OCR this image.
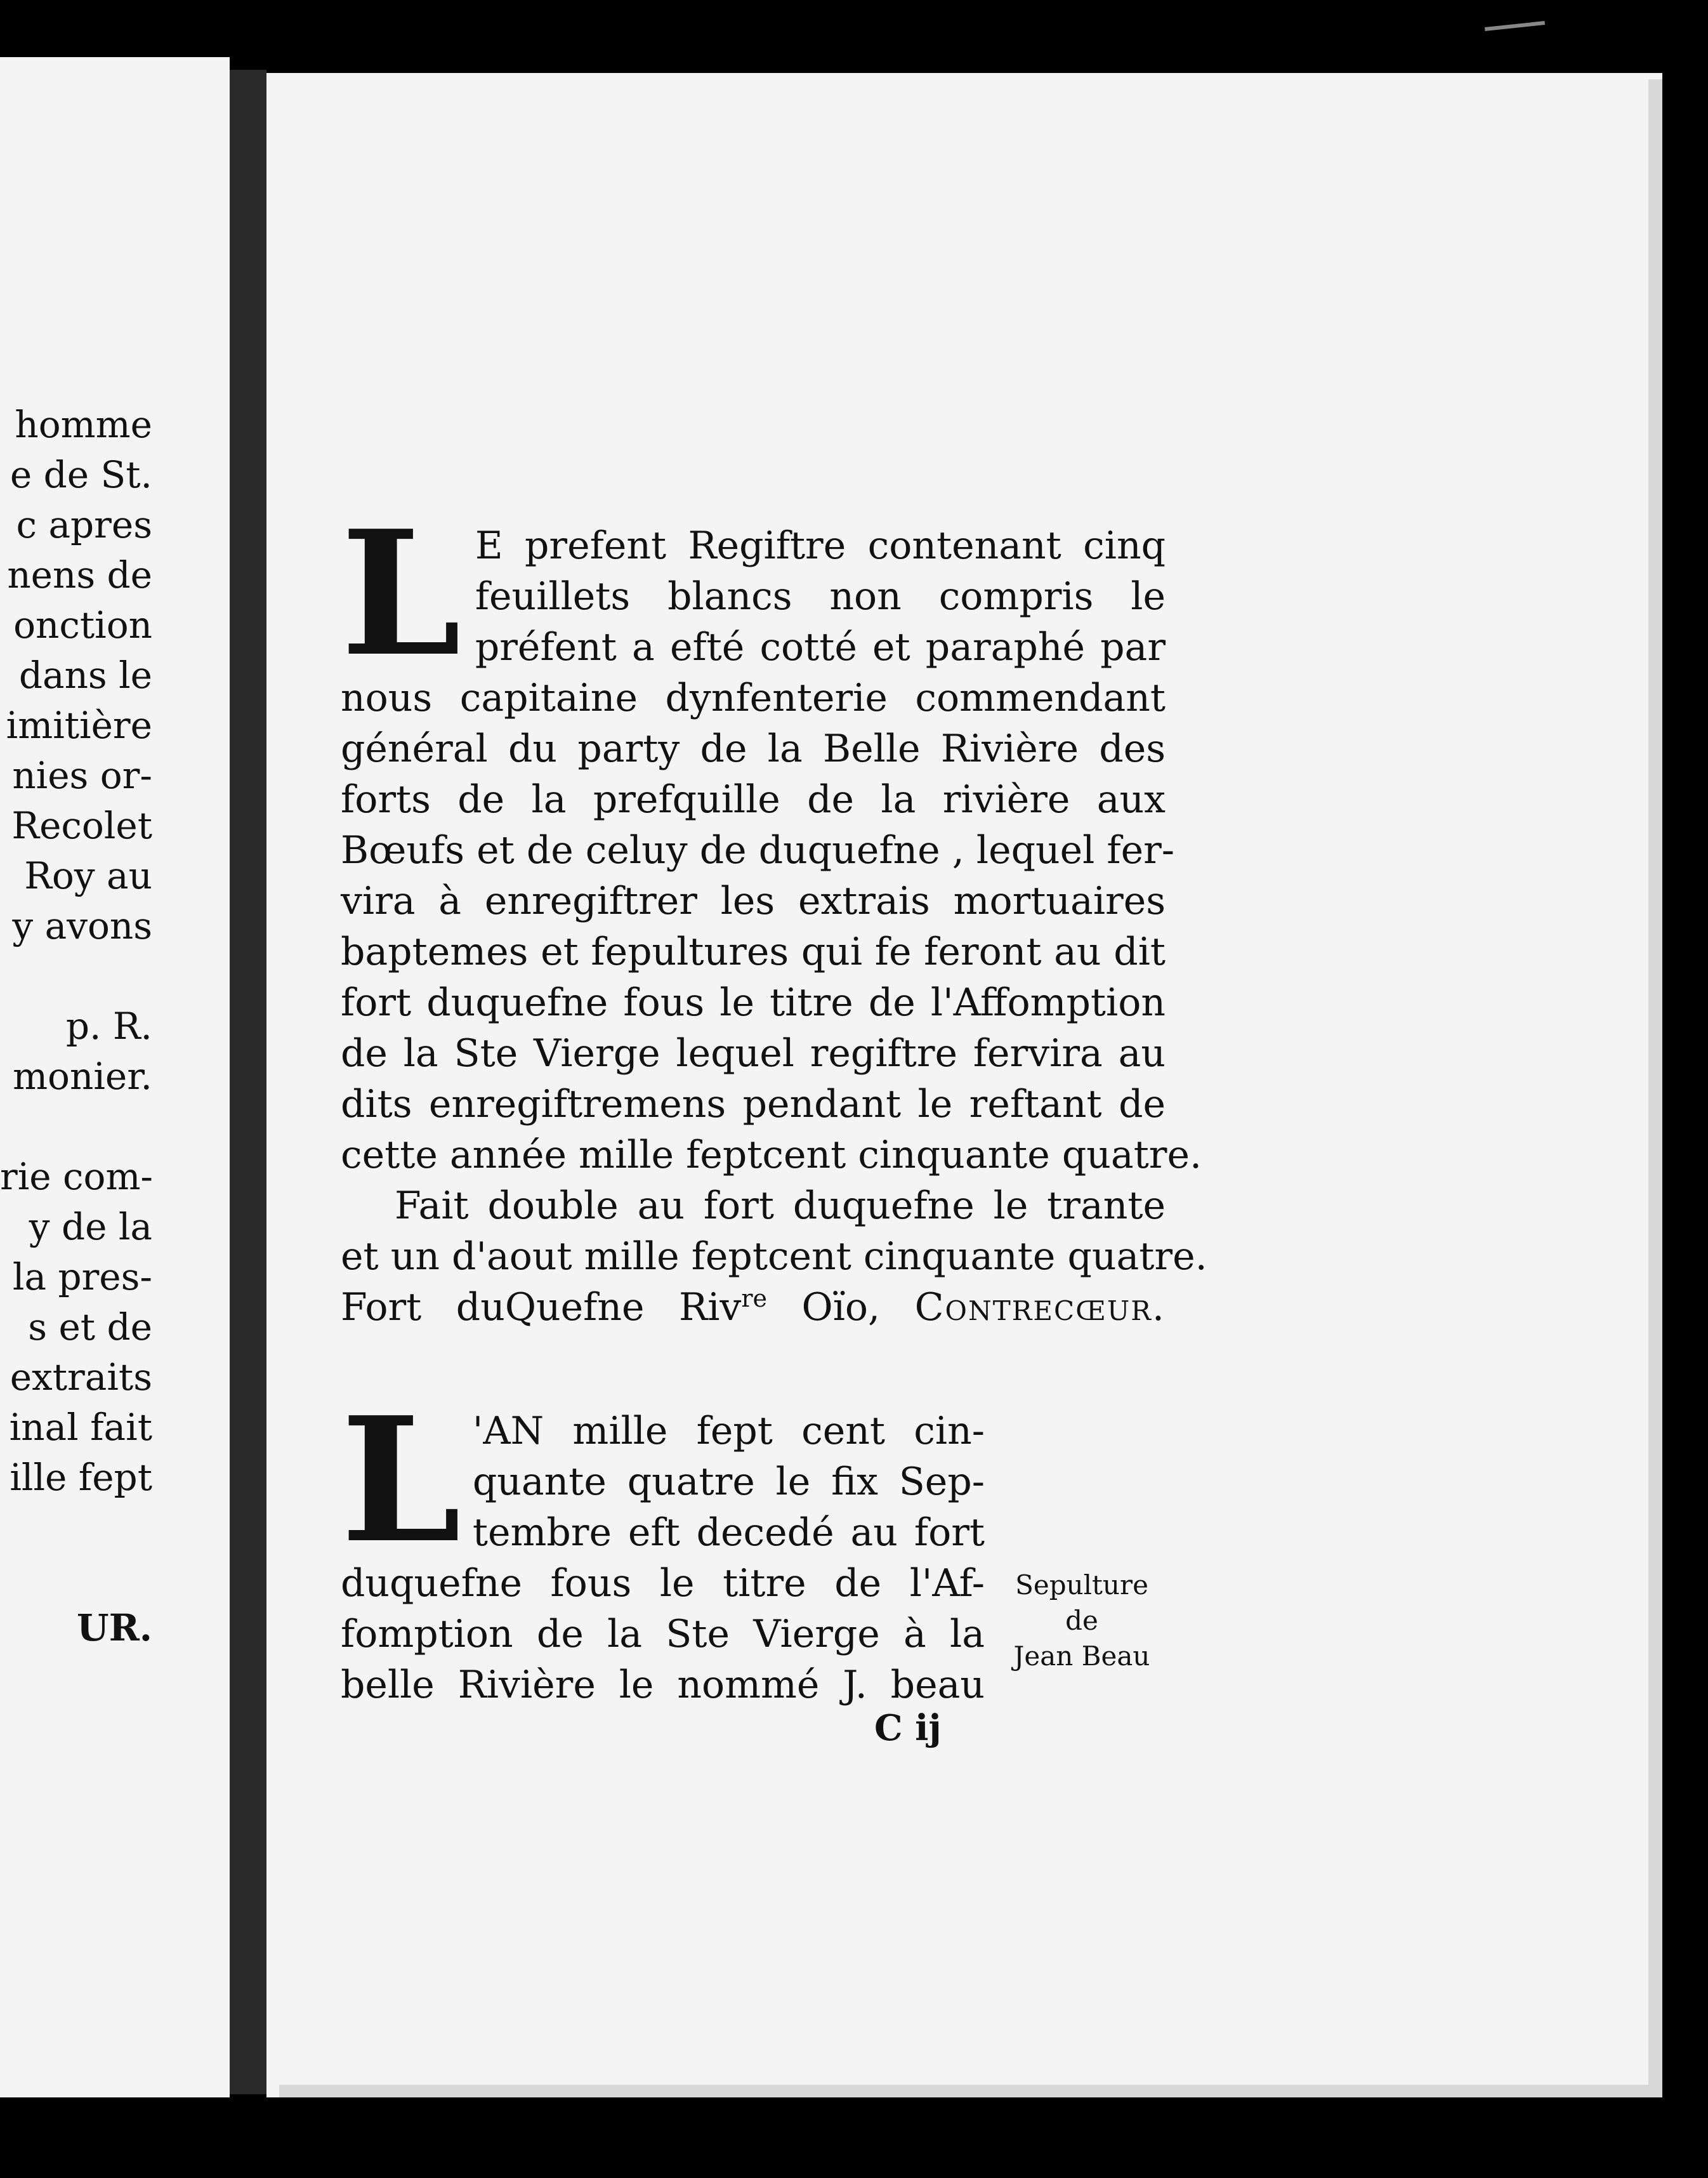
homme
e de St.
c apres
nens de
onction
dans le
imitière
nies or-
Recolet
Roy au
y avons
p. R.
monier.
rie com-
y de la
la pres-
s et de
extraits
inal fait
ille fept
UR.
L E prefent Regiftre contenant cinq
feuillets blancs non compris le
préfent a efté cotté et paraphé par
nous capitaine dynfenterie commendant
général du party de la Belle Rivière des
forts de la prefquille de la rivière aux
Bœufs et de celuy de duquefne , lequel fer-
vira à enregiftrer les extrais mortuaires
baptemes et fepultures qui fe feront au dit
fort duquefne fous le titre de l'Affomption
de la Ste Vierge lequel regiftre fervira au
dits enregiftremens pendant le reftant de
cette année mille feptcent cinquante quatre.
Fait double au fort duquefne le trante
et un d'aout mille feptcent cinquante quatre.
Fort duQuefne Riv$^{re}$ Oïo, Contrecœur.
L 'AN mille fept cent cin-
quante quatre le fix Sep-
tembre eft decedé au fort
duquefne fous le titre de l'Af-
fomption de la Ste Vierge à la
belle Rivière le nommé J. beau
Sepulture
de
Jean Beau
C ij
